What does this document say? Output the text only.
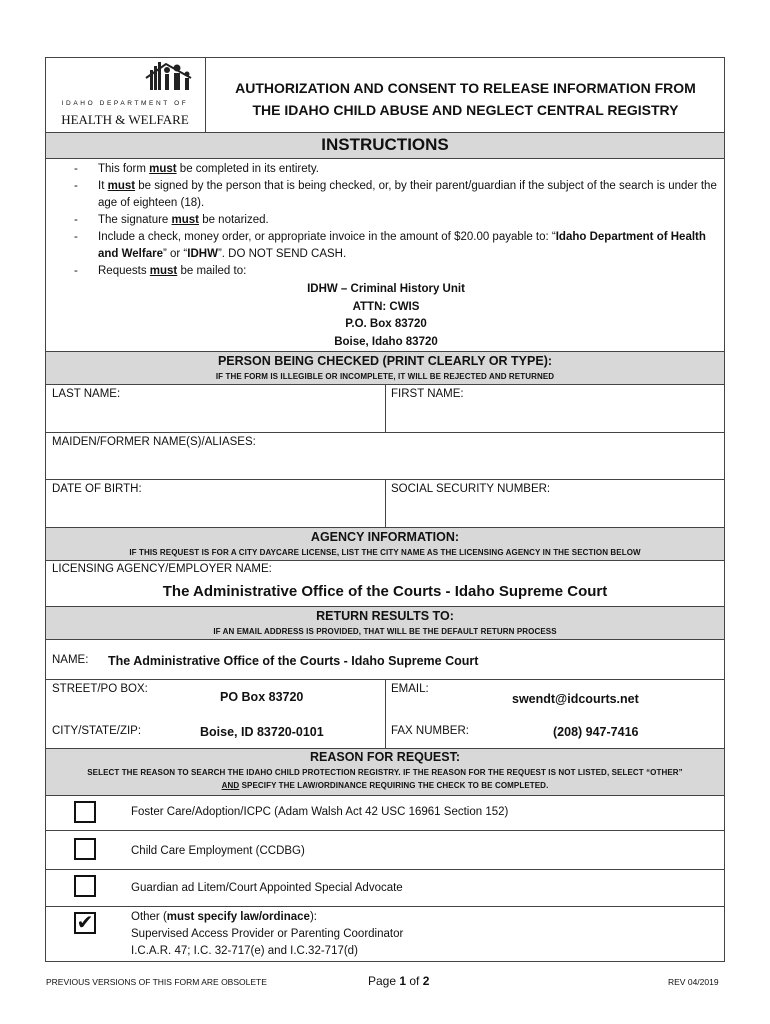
IDAHO DEPARTMENT OF
HEALTH & WELFARE
AUTHORIZATION AND CONSENT TO RELEASE INFORMATION FROM
THE IDAHO CHILD ABUSE AND NEGLECT CENTRAL REGISTRY
INSTRUCTIONS
- This form must be completed in its entirety.
- It must be signed by the person that is being checked, or, by their parent/guardian if the subject of the search is under the age of eighteen (18).
- The signature must be notarized.
- Include a check, money order, or appropriate invoice in the amount of $20.00 payable to: “Idaho Department of Health and Welfare” or “IDHW”. DO NOT SEND CASH.
- Requests must be mailed to:
IDHW – Criminal History Unit
ATTN: CWIS
P.O. Box 83720
Boise, Idaho 83720
PERSON BEING CHECKED (PRINT CLEARLY OR TYPE):
IF THE FORM IS ILLEGIBLE OR INCOMPLETE, IT WILL BE REJECTED AND RETURNED
LAST NAME:	FIRST NAME:
MAIDEN/FORMER NAME(S)/ALIASES:
DATE OF BIRTH:	SOCIAL SECURITY NUMBER:
AGENCY INFORMATION:
IF THIS REQUEST IS FOR A CITY DAYCARE LICENSE, LIST THE CITY NAME AS THE LICENSING AGENCY IN THE SECTION BELOW
LICENSING AGENCY/EMPLOYER NAME:
The Administrative Office of the Courts - Idaho Supreme Court
RETURN RESULTS TO:
IF AN EMAIL ADDRESS IS PROVIDED, THAT WILL BE THE DEFAULT RETURN PROCESS
NAME: The Administrative Office of the Courts - Idaho Supreme Court
STREET/PO BOX:
PO Box 83720
EMAIL:
swendt@idcourts.net
CITY/STATE/ZIP:	Boise, ID 83720-0101	FAX NUMBER:	(208) 947-7416
REASON FOR REQUEST:
SELECT THE REASON TO SEARCH THE IDAHO CHILD PROTECTION REGISTRY. IF THE REASON FOR THE REQUEST IS NOT LISTED, SELECT “OTHER”
AND SPECIFY THE LAW/ORDINANCE REQUIRING THE CHECK TO BE COMPLETED.
Foster Care/Adoption/ICPC (Adam Walsh Act 42 USC 16961 Section 152)
Child Care Employment (CCDBG)
Guardian ad Litem/Court Appointed Special Advocate
✔	Other (must specify law/ordinace):
Supervised Access Provider or Parenting Coordinator
I.C.A.R. 47; I.C. 32-717(e) and I.C.32-717(d)
PREVIOUS VERSIONS OF THIS FORM ARE OBSOLETE	Page 1 of 2	REV 04/2019
